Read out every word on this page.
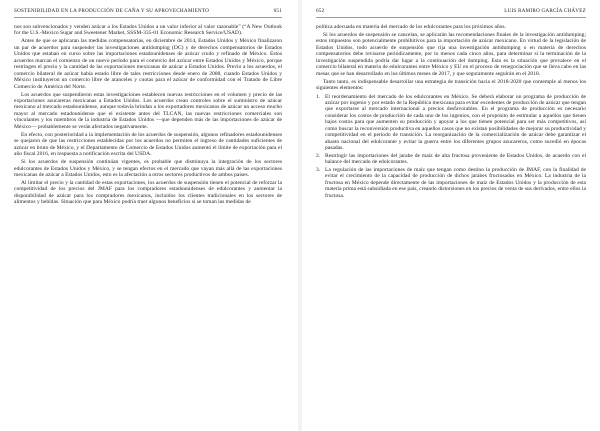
SOSTENIBILIDAD EN LA PRODUCCIÓN DE CAÑA Y SU APROVECHAMIENTO	651

nos son subvencionados y venden azúcar a los Estados Unidos a un valor inferior al valor razonable” (“A New Outlook for the U.S.-Mexico Sugar and Sweetener Market, SSSM-335-01 Economic Research Service/USAD).

Antes de que se aplicaran las medidas compensatorias, en diciembre de 2014, Estados Unidos y México finalizaron un par de acuerdos para suspender las investigaciones antidumping (DC) y de derechos compensatorios de Estados Unidos que estaban en curso sobre las importaciones estadounidenses de azúcar crudo y refinado de México. Estos acuerdos marcan el comienzo de un nuevo período para el comercio del azúcar entre Estados Unidos y México, porque restringen el precio y la cantidad de las exportaciones mexicanas de azúcar a Estados Unidos. Previo a los acuerdos, el comercio bilateral de azúcar había estado libre de tales restricciones desde enero de 2008, cuando Estados Unidos y México instituyeron un comercio libre de aranceles y cuotas para el azúcar de conformidad con el Tratado de Libre Comercio de América del Norte.

Los acuerdos que suspendieron estas investigaciones establecen nuevas restricciones en el volumen y precio de las exportaciones azucareras mexicanas a Estados Unidos. Los acuerdos crean controles sobre el suministro de azúcar mexicano al mercado estadounidense, aunque todavía brindan a los exportadores mexicanos de azúcar un acceso mucho mayor al mercado estadounidense que el existente antes del TLCAN, las nuevas restricciones comerciales son vinculantes y los miembros de la industria de Estados Unidos —que dependen más de las importaciones de azúcar de México— probablemente se verán afectados negativamente.

En efecto, con posterioridad a la implementación de los acuerdos de suspensión, algunos refinadores estadounidenses se quejaron de que las restricciones establecidas por los acuerdos no permiten el ingreso de cantidades suficientes de azúcar en bruto de México, y el Departamento de Comercio de Estados Unidos aumentó el límite de exportación para el año fiscal 2016, en respuesta a notificación escrita del USDA.

Si los acuerdos de suspensión continúan vigentes, es probable que disminuya la integración de los sectores edulcorantes de Estados Unidos y México, y se tengan efectos en el mercado que vayan más allá de las exportaciones mexicanas de azúcar a Estados Unidos, esto es la afectación a otros sectores productivos de ambos países.

Al limitar el precio y la cantidad de estas exportaciones, los acuerdos de suspensión tienen el potencial de reforzar la competitividad de los precios del JMAF para los compradores estadounidenses de edulcorantes y aumentar la disponibilidad de azúcar para los compradores mexicanos, incluidos los clientes tradicionales en los sectores de alimentos y bebidas. Situación que para México podría traer algunos beneficios si se toman las medidas de

652	LUIS RAMIRO GARCÍA CHÁVEZ

política adecuada en materia del mercado de los edulcorantes para los próximos años.

Si los acuerdos de suspensión se cancelan, se aplicarán las recomendaciones finales de la investigación antidumping; estos impuestos son potencialmente prohibitivos para la importación de azúcar mexicano. En virtud de la legislación de Estados Unidos, todo acuerdo de suspensión que rija una investigación antidumping o en materia de derechos compensatorios debe revisarse periódicamente, por lo menos cada cinco años, para determinar si la terminación de la investigación suspendida podría dar lugar a la continuación del dumping. Esta es la situación que prevalece en el comercio bilateral en materia de edulcorantes entre México y EU en el proceso de renegociación que se lleva cabo en las mesas que se han desarrollado en los últimos meses de 2017, y que seguramente seguirán en el 2018.

Tanto tanto, es indispensable desarrollar una estrategia de transición hacia el 2018-2020 que contemple al menos los siguientes elementos:

1. El reordenamiento del mercado de los edulcorantes en México. Se deberá elaborar un programa de producción de azúcar por ingenio y por estado de la República mexicana para evitar excedentes de producción de azúcar que tengan que exportarse al mercado internacional a precios desfavorables. En el programa de producción es necesario considerar los costos de producción de cada uno de los ingenios, con el propósito de estimular a aquellos que tienen bajos costos para que aumenten su producción y apoyar a los que tienen potencial para ser más competitivos, así como buscar la reconversión productiva en aquellos casos que no existan posibilidades de mejorar su productividad y competitividad en el período de transición. La reorganización de la comercialización de azúcar debe garantizar el abasto nacional del edulcorante y evitar la guerra entre los diferentes grupos azucareros, como sucedió en épocas pasadas.
2. Restringir las importaciones del jarabe de maíz de alta fructosa proveniente de Estados Unidos, de acuerdo con el balance del mercado de edulcorantes.
3. La regulación de las importaciones de maíz que tengan como destino la producción de JMAF, con la finalidad de evitar el crecimiento de la capacidad de producción de dichos jarabes fructosados en México. La industria de la fructosa en México depende directamente de las importaciones de maíz de Estados Unidos y la producción de esta materia prima está subsidiada en ese país, creando distorsiones en los precios de venta de sus derivados, entre ellos la fructosa.
